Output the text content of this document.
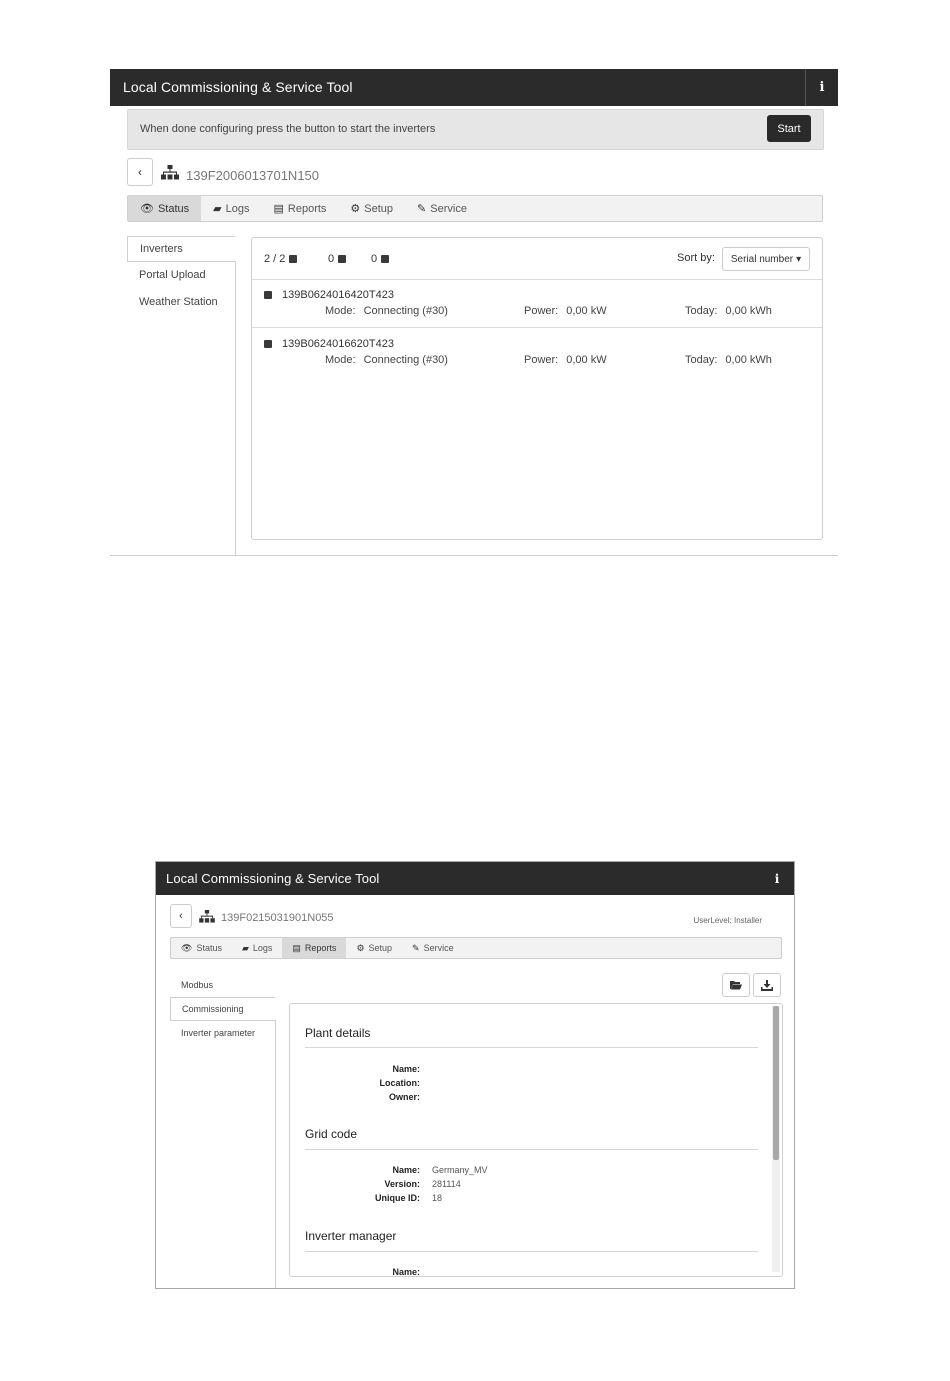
Local Commissioning & Service Tool	i
When done configuring press the button to start the inverters	Start
‹	139F2006013701N150
👁 Status ▰ Logs ▤ Reports ⚙ Setup ✎ Service
Inverters
Portal Upload
Weather Station
2 / 2	0	0	Sort by: Serial number ▾
139B0624016420T423
Mode: Connecting (#30)	Power: 0,00 kW	Today: 0,00 kWh
139B0624016620T423
Mode: Connecting (#30)	Power: 0,00 kW	Today: 0,00 kWh
Local Commissioning & Service Tool	i
‹	139F0215031901N055	UserLevel: Installer
👁 Status ▰ Logs ▤ Reports ⚙ Setup ✎ Service
Modbus
Commissioning
Inverter parameter	Plant details
Name:
Location:
Owner:
Grid code
Name: Germany_MV
Version: 281114
Unique ID: 18
Inverter manager
Name:
